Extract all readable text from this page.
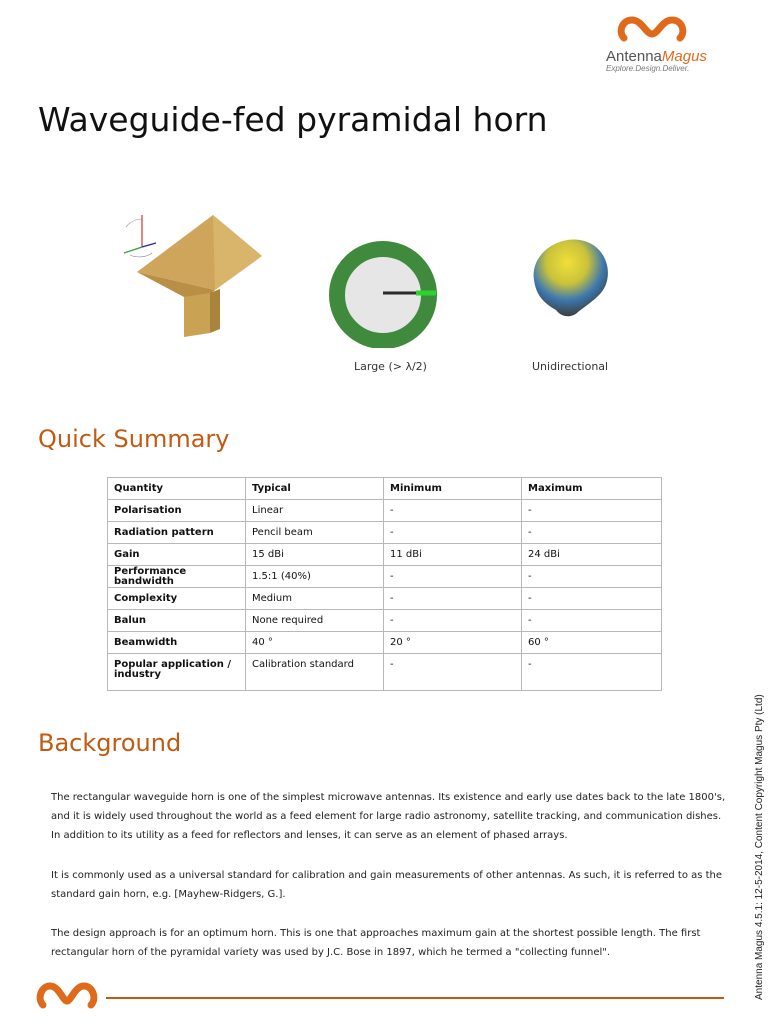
AntennaMagus
Explore.Design.Deliver.
Waveguide-fed pyramidal horn
Large (> λ/2)	Unidirectional
Quick Summary
Quantity	Typical	Minimum	Maximum
Polarisation	Linear	-	-
Radiation pattern	Pencil beam	-	-
Gain	15 dBi	11 dBi	24 dBi
Performance bandwidth	1.5:1 (40%)	-	-
Complexity	Medium	-	-
Balun	None required	-	-
Beamwidth	40 °	20 °	60 °
Popular application / industry	Calibration standard	-	-
Background

The rectangular waveguide horn is one of the simplest microwave antennas. Its existence and early use dates back to the late 1800's, and it is widely used throughout the world as a feed element for large radio astronomy, satellite tracking, and communication dishes. In addition to its utility as a feed for reflectors and lenses, it can serve as an element of phased arrays.

It is commonly used as a universal standard for calibration and gain measurements of other antennas. As such, it is referred to as the standard gain horn, e.g. [Mayhew-Ridgers, G.].

The design approach is for an optimum horn. This is one that approaches maximum gain at the shortest possible length. The first rectangular horn of the pyramidal variety was used by J.C. Bose in 1897, which he termed a "collecting funnel".	Antenna Magus 4.5.1: 12-5-2014, Content Copyright Magus Pty (Ltd)
